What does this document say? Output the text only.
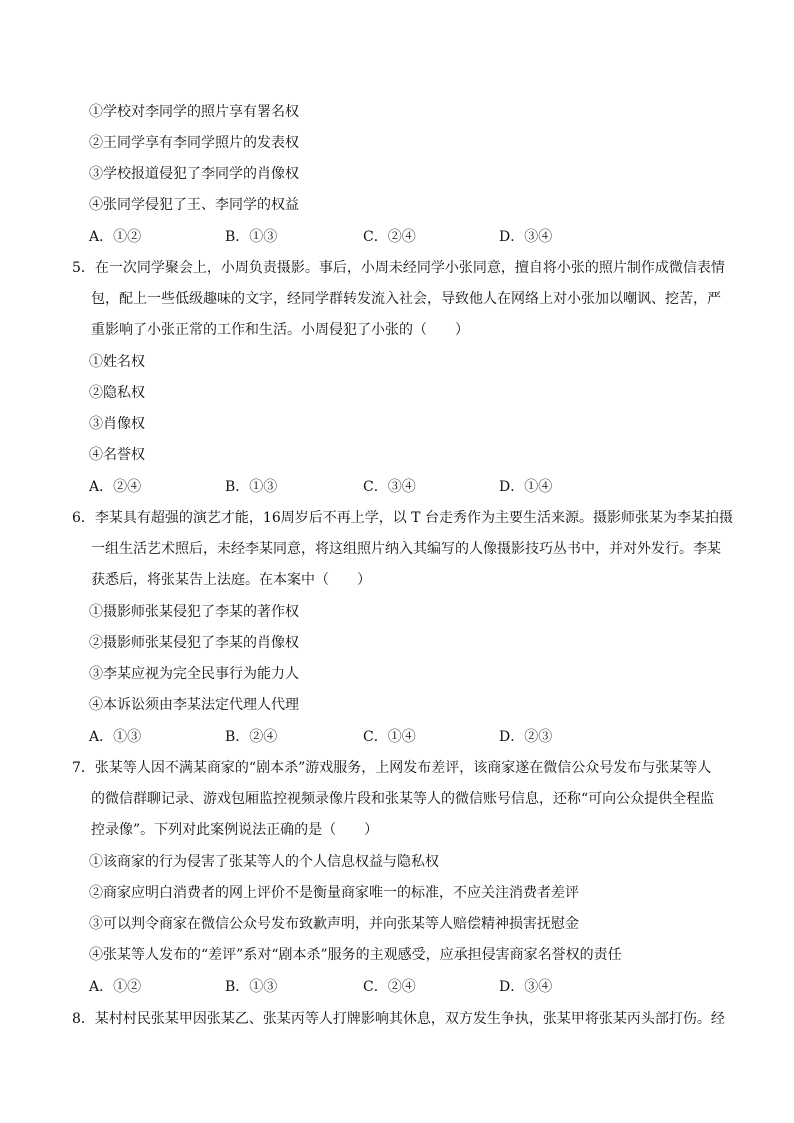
①学校对李同学的照片享有署名权
②王同学享有李同学照片的发表权
③学校报道侵犯了李同学的肖像权
④张同学侵犯了王、李同学的权益
A．①②	B．①③	C．②④	D．③④
5．在一次同学聚会上，小周负责摄影。事后，小周未经同学小张同意，擅自将小张的照片制作成微信表情
包，配上一些低级趣味的文字，经同学群转发流入社会，导致他人在网络上对小张加以嘲讽、挖苦，严
重影响了小张正常的工作和生活。小周侵犯了小张的（　　）
①姓名权
②隐私权
③肖像权
④名誉权
A．②④	B．①③	C．③④	D．①④
6．李某具有超强的演艺才能，16周岁后不再上学，以 T 台走秀作为主要生活来源。摄影师张某为李某拍摄
一组生活艺术照后，未经李某同意，将这组照片纳入其编写的人像摄影技巧丛书中，并对外发行。李某
获悉后，将张某告上法庭。在本案中（　　）
①摄影师张某侵犯了李某的著作权
②摄影师张某侵犯了李某的肖像权
③李某应视为完全民事行为能力人
④本诉讼须由李某法定代理人代理
A．①③	B．②④	C．①④	D．②③
7．张某等人因不满某商家的“剧本杀”游戏服务，上网发布差评，该商家遂在微信公众号发布与张某等人
的微信群聊记录、游戏包厢监控视频录像片段和张某等人的微信账号信息，还称“可向公众提供全程监
控录像”。下列对此案例说法正确的是（　　）
①该商家的行为侵害了张某等人的个人信息权益与隐私权
②商家应明白消费者的网上评价不是衡量商家唯一的标准，不应关注消费者差评
③可以判令商家在微信公众号发布致歉声明，并向张某等人赔偿精神损害抚慰金
④张某等人发布的“差评”系对“剧本杀”服务的主观感受，应承担侵害商家名誉权的责任
A．①②	B．①③	C．②④	D．③④
8．某村村民张某甲因张某乙、张某丙等人打牌影响其休息，双方发生争执，张某甲将张某丙头部打伤。经
